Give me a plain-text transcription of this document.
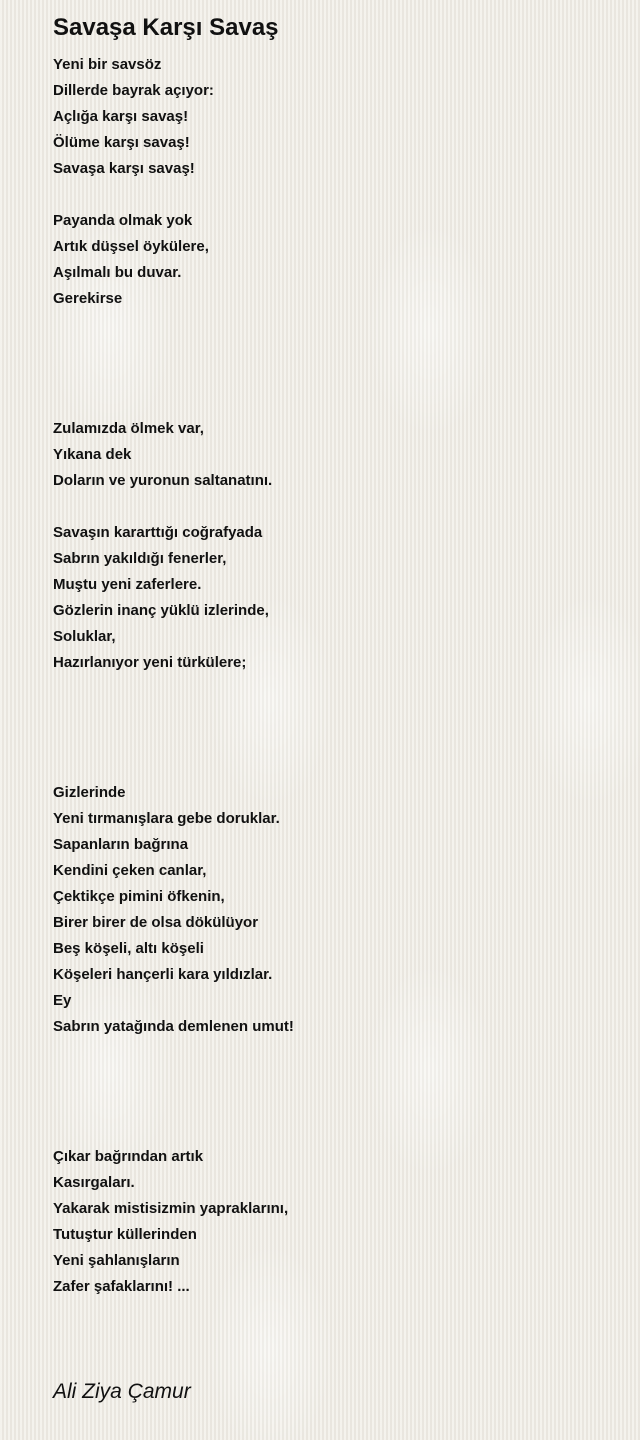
Savaşa Karşı Savaş
Yeni bir savsöz
Dillerde bayrak açıyor:
Açlığa karşı savaş!
Ölüme karşı savaş!
Savaşa karşı savaş!
Payanda olmak yok
Artık düşsel öykülere,
Aşılmalı bu duvar.
Gerekirse
Zulamızda ölmek var,
Yıkana dek
Doların ve yuronun saltanatını.
Savaşın kararttığı coğrafyada
Sabrın yakıldığı fenerler,
Muştu yeni zaferlere.
Gözlerin inanç yüklü izlerinde,
Soluklar,
Hazırlanıyor yeni türkülere;
Gizlerinde
Yeni tırmanışlara gebe doruklar.
Sapanların bağrına
Kendini çeken canlar,
Çektikçe pimini öfkenin,
Birer birer de olsa dökülüyor
Beş köşeli, altı köşeli
Köşeleri hançerli kara yıldızlar.
Ey
Sabrın yatağında demlenen umut!
Çıkar bağrından artık
Kasırgaları.
Yakarak mistisizmin yapraklarını,
Tutuştur küllerinden
Yeni şahlanışların
Zafer şafaklarını! ...
Ali Ziya Çamur
